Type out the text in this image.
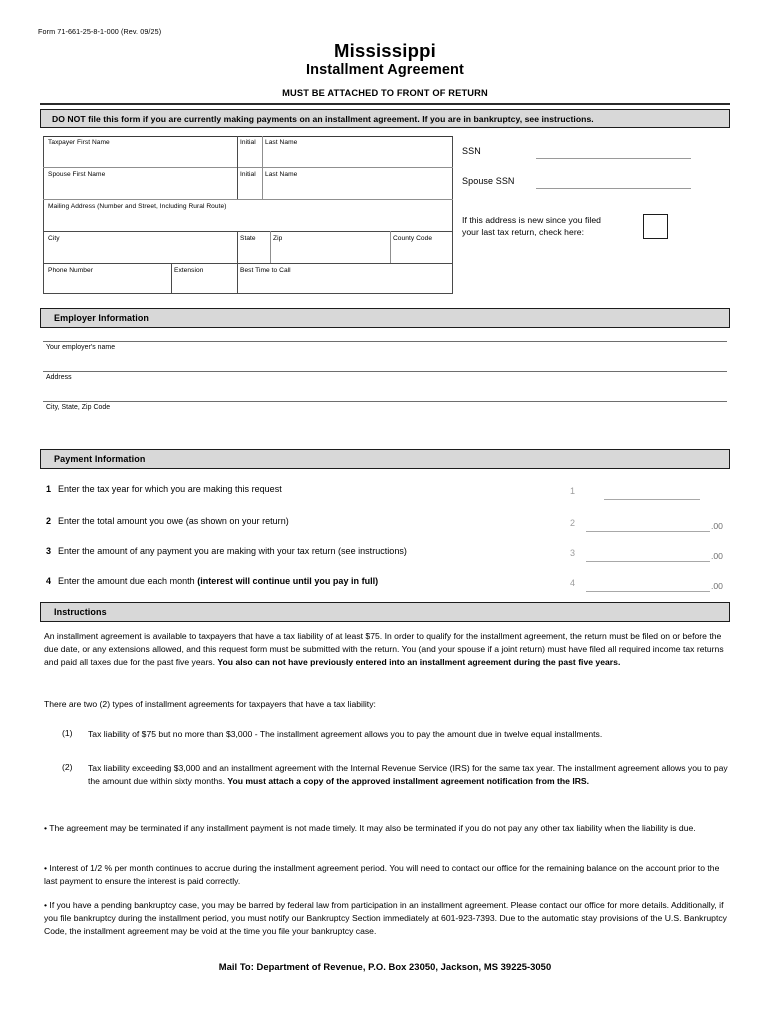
Form 71-661-25-8-1-000 (Rev. 09/25)
Mississippi
Installment Agreement
MUST BE ATTACHED TO FRONT OF RETURN
DO NOT file this form if you are currently making payments on an installment agreement. If you are in bankruptcy, see instructions.
Taxpayer First Name	Initial Last Name
Spouse First Name	Initial Last Name
Mailing Address (Number and Street, Including Rural Route)
City	State	Zip	County Code
Phone Number	Extension	Best Time to Call
SSN
Spouse SSN
If this address is new since you filed
your last tax return, check here:
Employer Information
Your employer's name
Address
City, State, Zip Code
Payment Information
1 Enter the tax year for which you are making this request	1
2 Enter the total amount you owe (as shown on your return)	2	.00
3 Enter the amount of any payment you are making with your tax return (see instructions)	3	.00
4 Enter the amount due each month (interest will continue until you pay in full)	4	.00
Instructions
An installment agreement is available to taxpayers that have a tax liability of at least $75. In order to qualify for the installment agreement, the return must be filed on or before the due date, or any extensions allowed, and this request form must be submitted with the return. You (and your spouse if a joint return) must have filed all required income tax returns and paid all taxes due for the past five years. You also can not have previously entered into an installment agreement during the past five years.
There are two (2) types of installment agreements for taxpayers that have a tax liability:
(1) Tax liability of $75 but no more than $3,000 - The installment agreement allows you to pay the amount due in twelve equal installments.
(2) Tax liability exceeding $3,000 and an installment agreement with the Internal Revenue Service (IRS) for the same tax year. The installment agreement allows you to pay the amount due within sixty months. You must attach a copy of the approved installment agreement notification from the IRS.
• The agreement may be terminated if any installment payment is not made timely. It may also be terminated if you do not pay any other tax liability when the liability is due.
• Interest of 1/2 % per month continues to accrue during the installment agreement period. You will need to contact our office for the remaining balance on the account prior to the last payment to ensure the interest is paid correctly.
• If you have a pending bankruptcy case, you may be barred by federal law from participation in an installment agreement. Please contact our office for more details. Additionally, if you file bankruptcy during the installment period, you must notify our Bankruptcy Section immediately at 601-923-7393. Due to the automatic stay provisions of the U.S. Bankruptcy Code, the installment agreement may be void at the time you file your bankruptcy case.
Mail To: Department of Revenue, P.O. Box 23050, Jackson, MS 39225-3050
